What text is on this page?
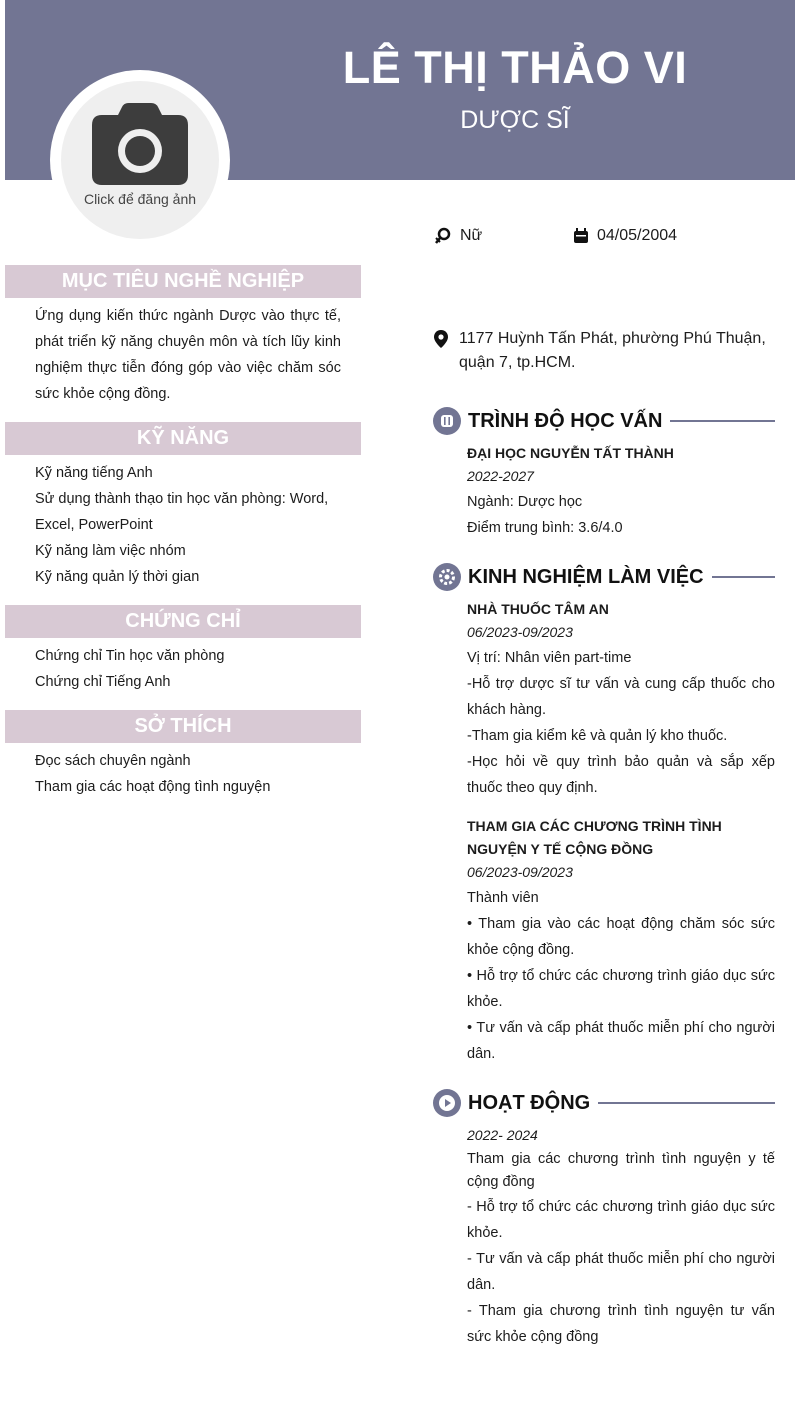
LÊ THỊ THẢO VI
DƯỢC SĨ
Click để đăng ảnh
Nữ	04/05/2004
1177 Huỳnh Tấn Phát, phường Phú Thuận, quận 7, tp.HCM.
MỤC TIÊU NGHỀ NGHIỆP
Ứng dụng kiến thức ngành Dược vào thực tế, phát triển kỹ năng chuyên môn và tích lũy kinh nghiệm thực tiễn đóng góp vào việc chăm sóc sức khỏe cộng đồng.
KỸ NĂNG
Kỹ năng tiếng Anh
Sử dụng thành thạo tin học văn phòng: Word, Excel, PowerPoint
Kỹ năng làm việc nhóm
Kỹ năng quản lý thời gian
CHỨNG CHỈ
Chứng chỉ Tin học văn phòng
Chứng chỉ Tiếng Anh
SỞ THÍCH
Đọc sách chuyên ngành
Tham gia các hoạt động tình nguyện
TRÌNH ĐỘ HỌC VẤN
ĐẠI HỌC NGUYỄN TẤT THÀNH
2022-2027

Ngành: Dược học

Điểm trung bình: 3.6/4.0

KINH NGHIỆM LÀM VIỆC
NHÀ THUỐC TÂM AN
06/2023-09/2023

Vị trí: Nhân viên part-time

-Hỗ trợ dược sĩ tư vấn và cung cấp thuốc cho khách hàng.

-Tham gia kiểm kê và quản lý kho thuốc.

-Học hỏi về quy trình bảo quản và sắp xếp thuốc theo quy định.

THAM GIA CÁC CHƯƠNG TRÌNH TÌNH NGUYỆN Y TẾ CỘNG ĐỒNG
06/2023-09/2023

Thành viên

• Tham gia vào các hoạt động chăm sóc sức khỏe cộng đồng.

• Hỗ trợ tổ chức các chương trình giáo dục sức khỏe.

• Tư vấn và cấp phát thuốc miễn phí cho người dân.

HOẠT ĐỘNG
2022- 2024
Tham gia các chương trình tình nguyện y tế cộng đồng

- Hỗ trợ tổ chức các chương trình giáo dục sức khỏe.

- Tư vấn và cấp phát thuốc miễn phí cho người dân.

- Tham gia chương trình tình nguyện tư vấn sức khỏe cộng đồng
